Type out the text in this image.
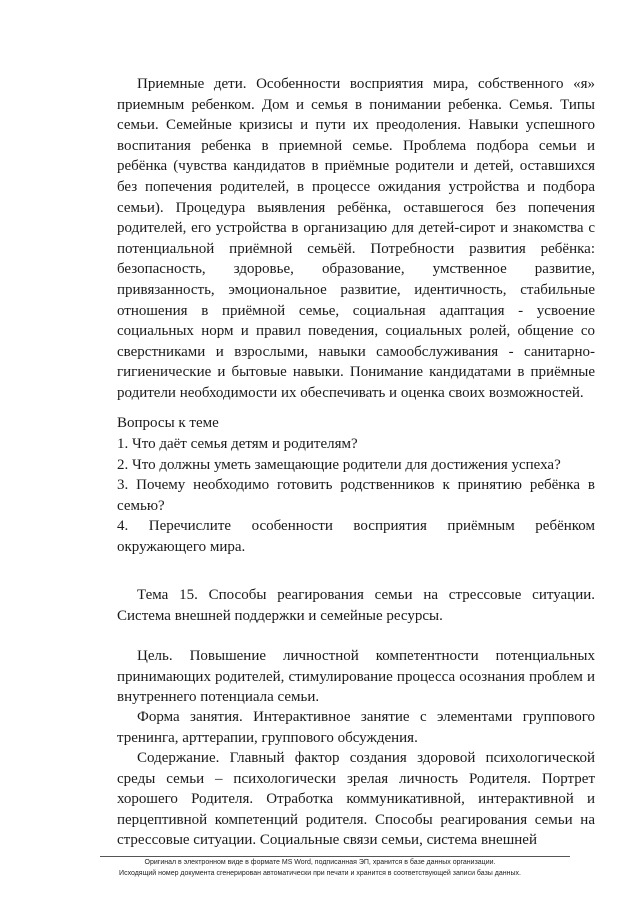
Приемные дети. Особенности восприятия мира, собственного «я» приемным ребенком. Дом и семья в понимании ребенка. Семья. Типы семьи. Семейные кризисы и пути их преодоления. Навыки успешного воспитания ребенка в приемной семье. Проблема подбора семьи и ребёнка (чувства кандидатов в приёмные родители и детей, оставшихся без попечения родителей, в процессе ожидания устройства и подбора семьи). Процедура выявления ребёнка, оставшегося без попечения родителей, его устройства в организацию для детей-сирот и знакомства с потенциальной приёмной семьёй. Потребности развития ребёнка: безопасность, здоровье, образование, умственное развитие, привязанность, эмоциональное развитие, идентичность, стабильные отношения в приёмной семье, социальная адаптация - усвоение социальных норм и правил поведения, социальных ролей, общение со сверстниками и взрослыми, навыки самообслуживания - санитарно-гигиенические и бытовые навыки. Понимание кандидатами в приёмные родители необходимости их обеспечивать и оценка своих возможностей.

Вопросы к теме

1. Что даёт семья детям и родителям?

2. Что должны уметь замещающие родители для достижения успеха?

3. Почему необходимо готовить родственников к принятию ребёнка в семью?

4. Перечислите особенности восприятия приёмным ребёнком окружающего мира.

Тема 15. Способы реагирования семьи на стрессовые ситуации. Система внешней поддержки и семейные ресурсы.

Цель. Повышение личностной компетентности потенциальных принимающих родителей, стимулирование процесса осознания проблем и внутреннего потенциала семьи.

Форма занятия. Интерактивное занятие с элементами группового тренинга, арттерапии, группового обсуждения.

Содержание. Главный фактор создания здоровой психологической среды семьи – психологически зрелая личность Родителя. Портрет хорошего Родителя. Отработка коммуникативной, интерактивной и перцептивной компетенций родителя. Способы реагирования семьи на стрессовые ситуации. Социальные связи семьи, система внешней

Оригинал в электронном виде в формате MS Word, подписанная ЭП, хранится в базе данных организации.

Исходящий номер документа сгенерирован автоматически при печати и хранится в соответствующей записи базы данных.
